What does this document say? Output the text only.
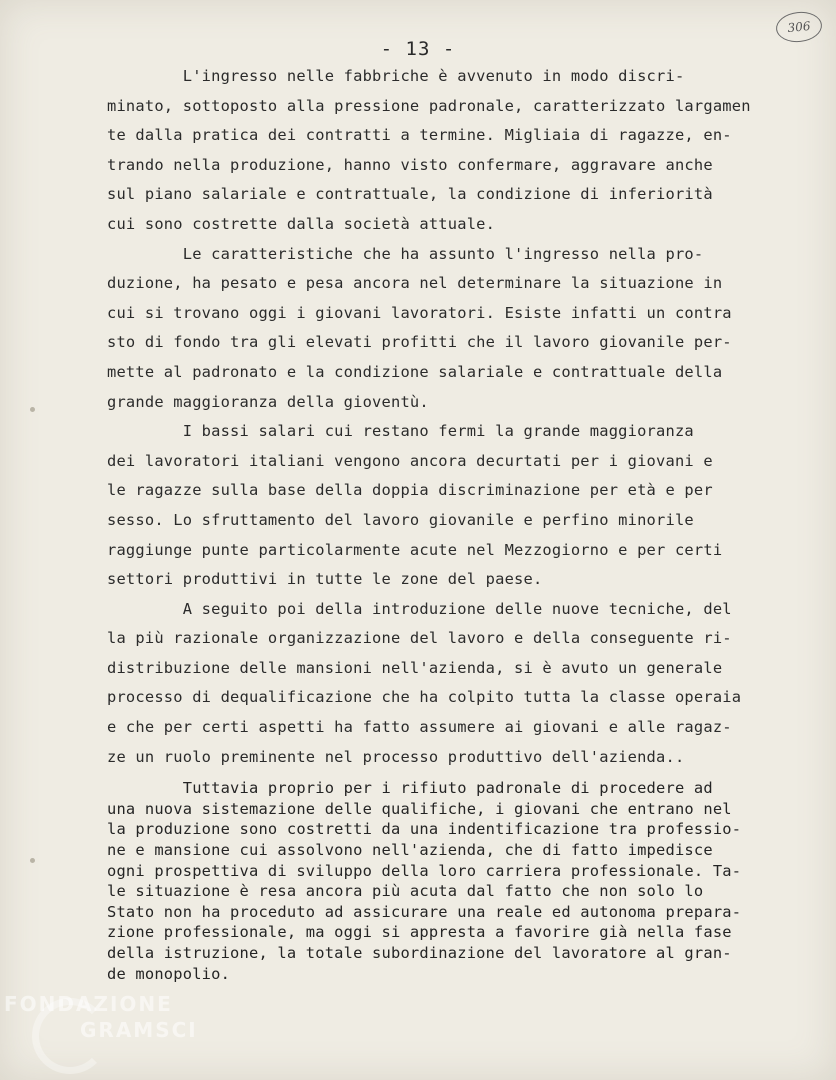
- 13 -
306
L'ingresso nelle fabbriche è avvenuto in modo discri-
minato, sottoposto alla pressione padronale, caratterizzato largamen
te dalla pratica dei contratti a termine. Migliaia di ragazze, en-
trando nella produzione, hanno visto confermare, aggravare anche
sul piano salariale e contrattuale, la condizione di inferiorità
cui sono costrette dalla società attuale.
Le caratteristiche che ha assunto l'ingresso nella pro-
duzione, ha pesato e pesa ancora nel determinare la situazione in
cui si trovano oggi i giovani lavoratori. Esiste infatti un contra
sto di fondo tra gli elevati profitti che il lavoro giovanile per-
mette al padronato e la condizione salariale e contrattuale della
grande maggioranza della gioventù.
I bassi salari cui restano fermi la grande maggioranza
dei lavoratori italiani vengono ancora decurtati per i giovani e
le ragazze sulla base della doppia discriminazione per età e per
sesso. Lo sfruttamento del lavoro giovanile e perfino minorile
raggiunge punte particolarmente acute nel Mezzogiorno e per certi
settori produttivi in tutte le zone del paese.
A seguito poi della introduzione delle nuove tecniche, del
la più razionale organizzazione del lavoro e della conseguente ri-
distribuzione delle mansioni nell'azienda, si è avuto un generale
processo di dequalificazione che ha colpito tutta la classe operaia
e che per certi aspetti ha fatto assumere ai giovani e alle ragaz-
ze un ruolo preminente nel processo produttivo dell'azienda..
Tuttavia proprio per i rifiuto padronale di procedere ad
una nuova sistemazione delle qualifiche, i giovani che entrano nel
la produzione sono costretti da una indentificazione tra professio-
ne e mansione cui assolvono nell'azienda, che di fatto impedisce
ogni prospettiva di sviluppo della loro carriera professionale. Ta-
le situazione è resa ancora più acuta dal fatto che non solo lo
Stato non ha proceduto ad assicurare una reale ed autonoma prepara-
zione professionale, ma oggi si appresta a favorire già nella fase
della istruzione, la totale subordinazione del lavoratore al gran-
de monopolio.
FONDAZIONE
GRAMSCI
